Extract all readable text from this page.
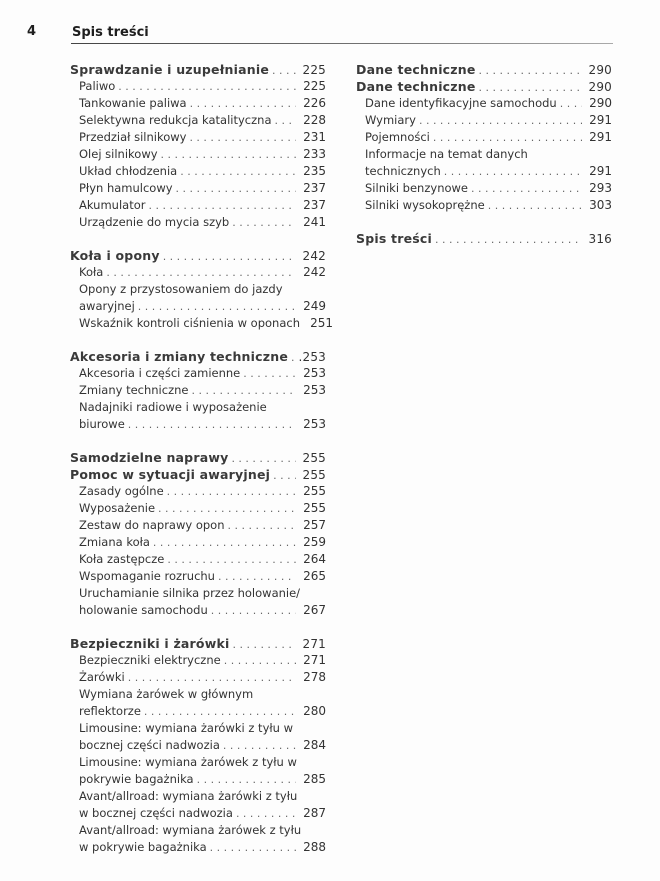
4	Spis treści
Sprawdzanie i uzupełnianie . . .	225
Paliwo . . .	225
Tankowanie paliwa . . .	226
Selektywna redukcja katalityczna . . .	228
Przedział silnikowy . . .	231
Olej silnikowy . . .	233
Układ chłodzenia . . .	235
Płyn hamulcowy . . .	237
Akumulator . . .	237
Urządzenie do mycia szyb . . .	241
Koła i opony . . .	242
Koła . . .	242
Opony z przystosowaniem do jazdy
awaryjnej . . .	249
Wskaźnik kontroli ciśnienia w oponach 251
Akcesoria i zmiany techniczne . . . .253
Akcesoria i części zamienne . . .	253
Zmiany techniczne . . .	253
Nadajniki radiowe i wyposażenie
biurowe . . .	253
Samodzielne naprawy . . .	255
Pomoc w sytuacji awaryjnej . . .	255
Zasady ogólne . . .	255
Wyposażenie . . .	255
Zestaw do naprawy opon . . .	257
Zmiana koła . . .	259
Koła zastępcze . . .	264
Wspomaganie rozruchu . . .	265
Uruchamianie silnika przez holowanie/
holowanie samochodu . . .	267
Bezpieczniki i żarówki . . .	271
Bezpieczniki elektryczne . . .	271
Żarówki . . .	278
Wymiana żarówek w głównym
reflektorze . . .	280
Limousine: wymiana żarówki z tyłu w
bocznej części nadwozia . . .	284
Limousine: wymiana żarówek z tyłu w
pokrywie bagażnika . . .	285
Avant/allroad: wymiana żarówki z tyłu
w bocznej części nadwozia . . .	287
Avant/allroad: wymiana żarówek z tyłu
w pokrywie bagażnika . . .	288
Dane techniczne . . .	290
Dane techniczne . . .	290
Dane identyfikacyjne samochodu . . .	290
Wymiary . . .	291
Pojemności . . .	291
Informacje na temat danych
technicznych . . .	291
Silniki benzynowe . . .	293
Silniki wysokoprężne . . .	303
Spis treści . . .	316
